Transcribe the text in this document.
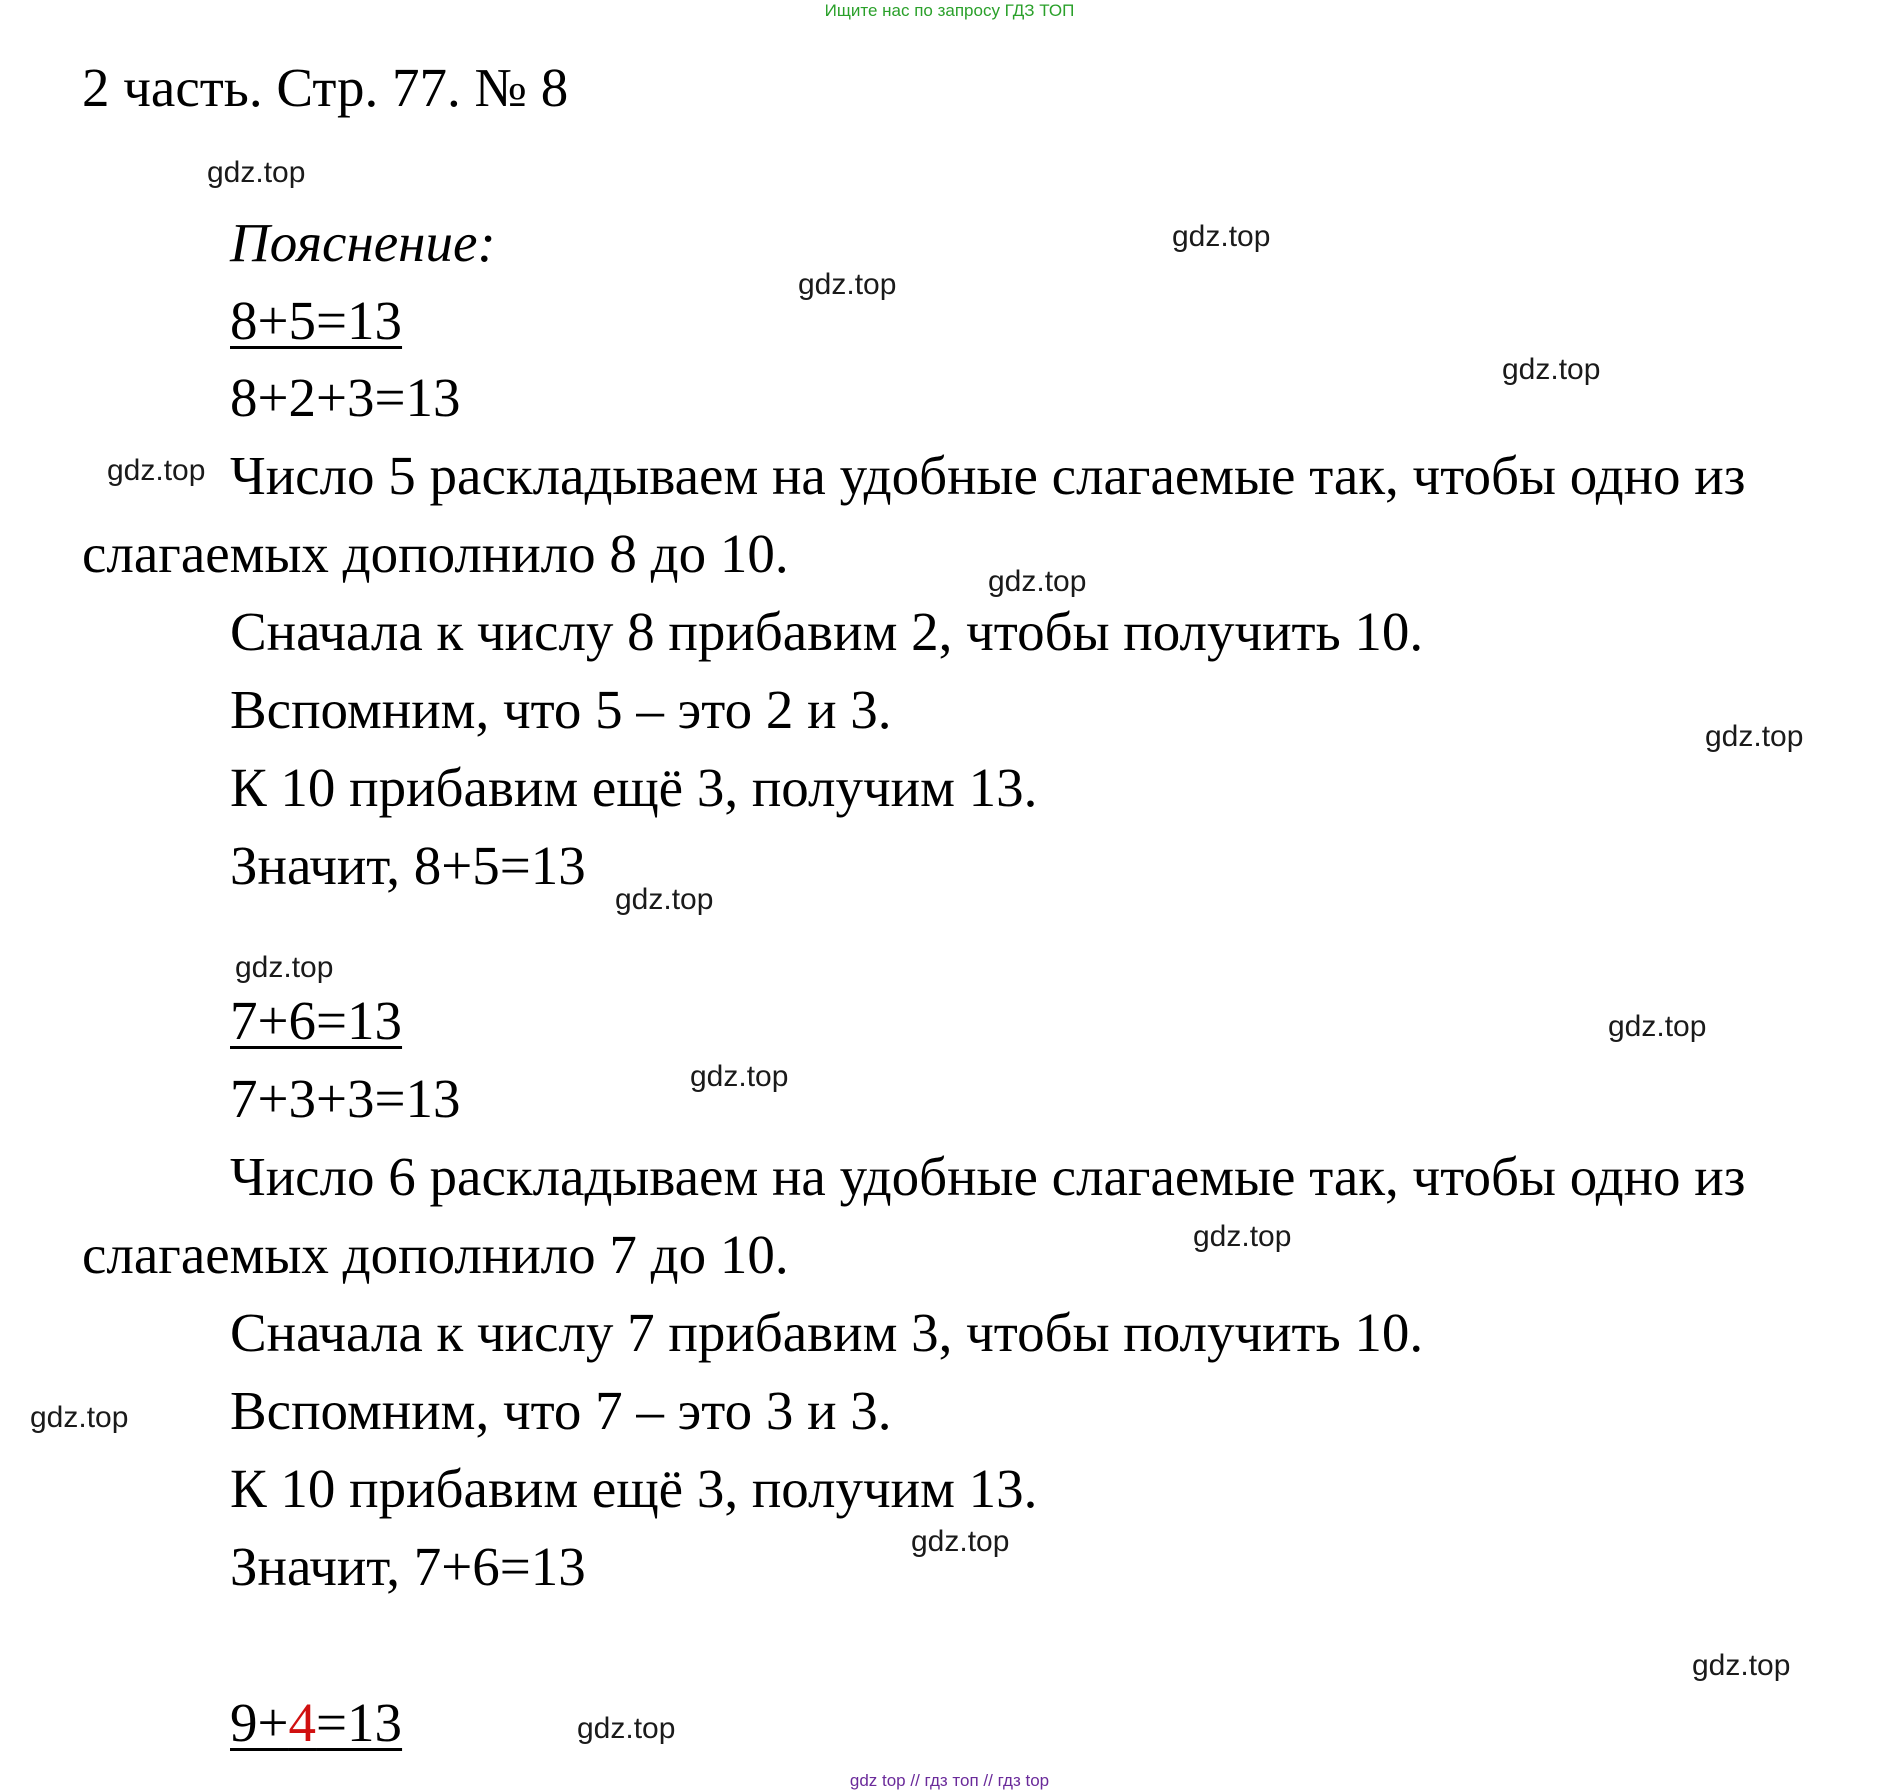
Ищите нас по запросу ГДЗ ТОП
2 часть. Стр. 77. № 8
Пояснение:
8+5=13
8+2+3=13
Число 5 раскладываем на удобные слагаемые так, чтобы одно из
слагаемых дополнило 8 до 10.
Сначала к числу 8 прибавим 2, чтобы получить 10.
Вспомним, что 5 – это 2 и 3.
К 10 прибавим ещё 3, получим 13.
Значит, 8+5=13
7+6=13
7+3+3=13
Число 6 раскладываем на удобные слагаемые так, чтобы одно из
слагаемых дополнило 7 до 10.
Сначала к числу 7 прибавим 3, чтобы получить 10.
Вспомним, что 7 – это 3 и 3.
К 10 прибавим ещё 3, получим 13.
Значит, 7+6=13
9+4=13
gdz.top
gdz.top
gdz.top
gdz.top
gdz.top
gdz.top
gdz.top
gdz.top
gdz.top
gdz.top
gdz.top
gdz.top
gdz.top
gdz.top
gdz.top
gdz.top
gdz top // гдз топ // гдз top
